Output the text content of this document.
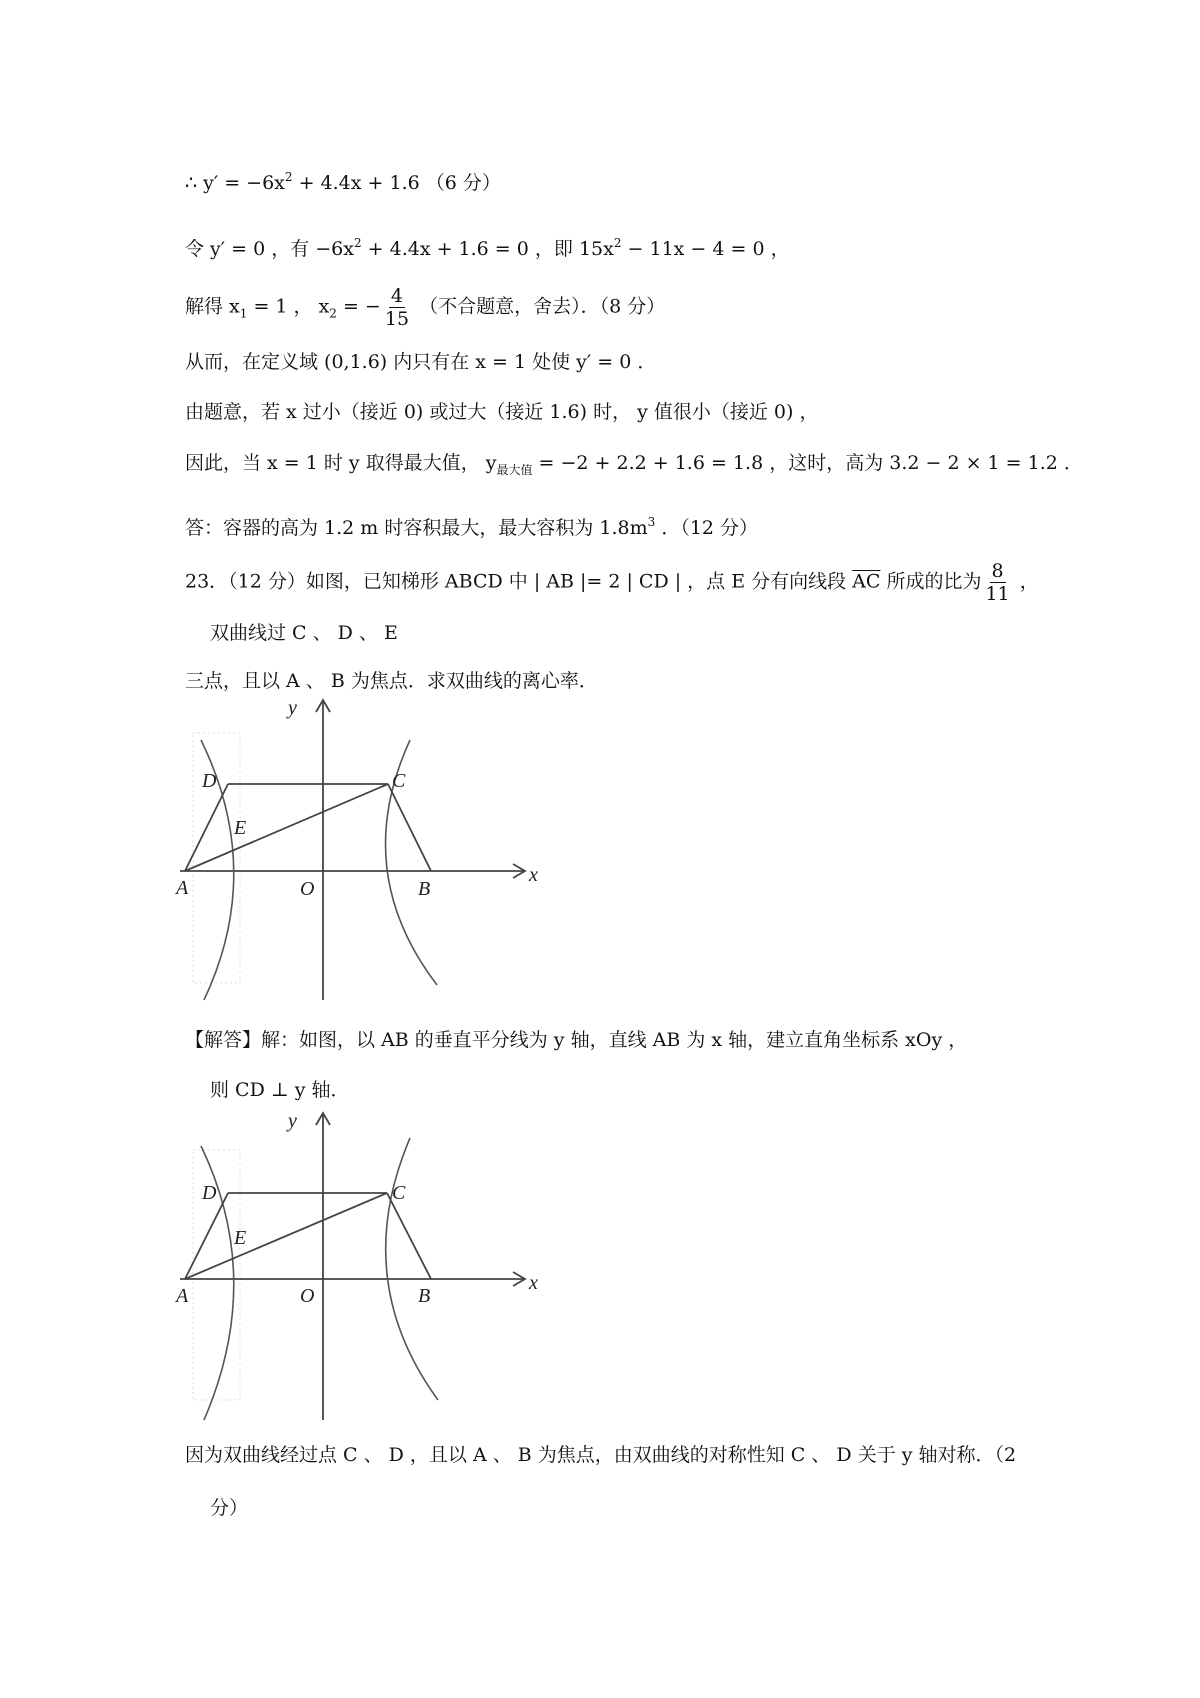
∴ $y' = -6x^2 + 4.4x + 1.6$ （6 分）
令 y′ = 0 ，有 $-6x^2 + 4.4x + 1.6 = 0$ ，即 $15x^2 - 11x - 4 = 0$ ，
解得 $x_1 = 1$ ， $x_2$ = − $\frac{4}{15}$ （不合题意，舍去）．（8 分）
从而，在定义域 (0,1.6) 内只有在 x = 1 处使 y′ = 0 ．
由题意，若 x 过小（接近 0) 或过大（接近 1.6) 时， y 值很小（接近 0) ，
因此，当 x = 1 时 y 取得最大值， $y_{最大值} = -2 + 2.2 + 1.6 = 1.8$ ，这时，高为 3.2 − 2 × 1 = 1.2 ．
答：容器的高为 1.2 m 时容积最大，最大容积为 $1.8m^3$ ．（12 分）
23．（12 分）如图，已知梯形 ABCD 中 | AB |= 2 | CD | ，点 E 分有向线段 $\overline{AC}$ 所成的比为 $\frac{8}{11}$ ，
双曲线过 C 、 D 、 E
三点，且以 A 、 B 为焦点．求双曲线的离心率．
y
x
D	C
E
A	O	B
【解答】解：如图，以 AB 的垂直平分线为 y 轴，直线 AB 为 x 轴，建立直角坐标系 xOy ，
则 CD ⊥ y 轴．
y
x
D	C
E
A	O	B
因为双曲线经过点 C 、 D ，且以 A 、 B 为焦点，由双曲线的对称性知 C 、 D 关于 y 轴对称．（2
分）
